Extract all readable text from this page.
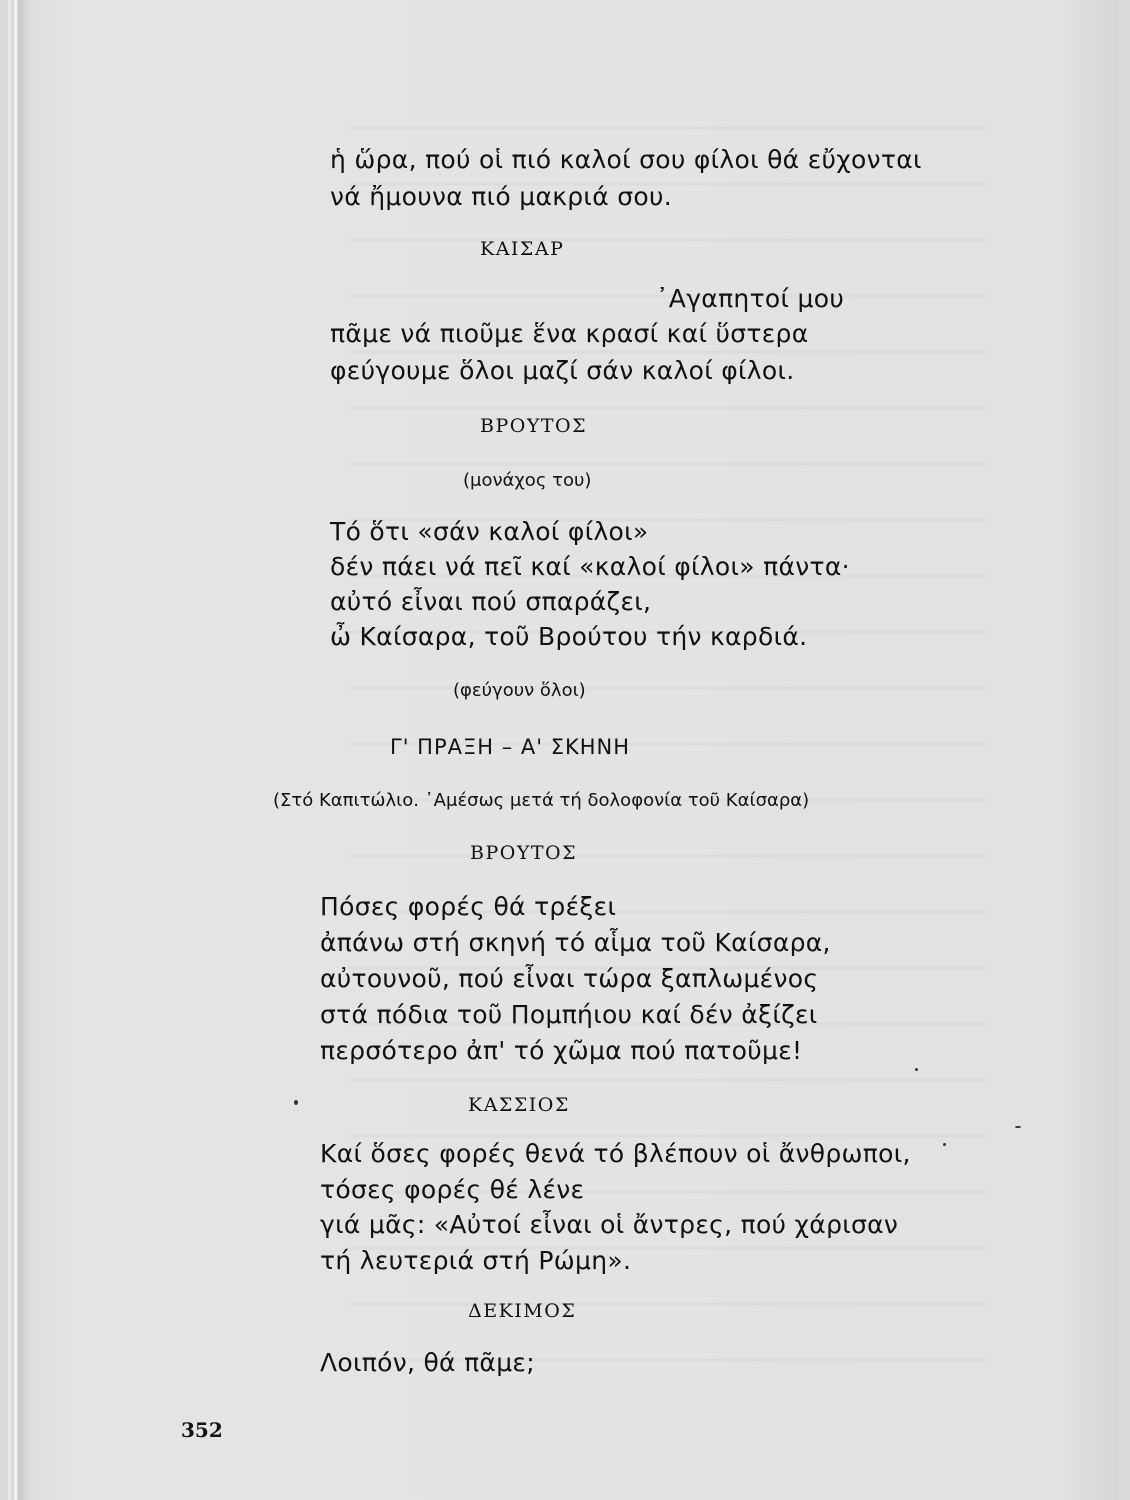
ἡ ὥρα, πού οἱ πιό καλοί σου φίλοι θά εὔχονται
νά ἤμουνα πιό μακριά σου.
ΚΑΙΣΑΡ
᾽Αγαπητοί μου
πᾶμε νά πιοῦμε ἕνα κρασί καί ὕστερα
φεύγουμε ὅλοι μαζί σάν καλοί φίλοι.
ΒΡΟΥΤΟΣ
(μονάχος του)
Τό ὅτι «σάν καλοί φίλοι»
δέν πάει νά πεῖ καί «καλοί φίλοι» πάντα·
αὐτό εἶναι πού σπαράζει,
ὦ Καίσαρα, τοῦ Βρούτου τήν καρδιά.
(φεύγουν ὅλοι)
Γ' ΠΡΑΞΗ – Α' ΣΚΗΝΗ
(Στό Καπιτώλιο. ᾽Αμέσως μετά τή δολοφονία τοῦ Καίσαρα)
ΒΡΟΥΤΟΣ
Πόσες φορές θά τρέξει
ἀπάνω στή σκηνή τό αἷμα τοῦ Καίσαρα,
αὐτουνοῦ, πού εἶναι τώρα ξαπλωμένος
στά πόδια τοῦ Πομπήιου καί δέν ἀξίζει
περσότερο ἀπ' τό χῶμα πού πατοῦμε!
ΚΑΣΣΙΟΣ
Καί ὅσες φορές θενά τό βλέπουν οἱ ἄνθρωποι,
τόσες φορές θέ λένε
γιά μᾶς: «Αὐτοί εἶναι οἱ ἄντρες, πού χάρισαν
τή λευτεριά στή Ρώμη».
ΔΕΚΙΜΟΣ
Λοιπόν, θά πᾶμε;
352
